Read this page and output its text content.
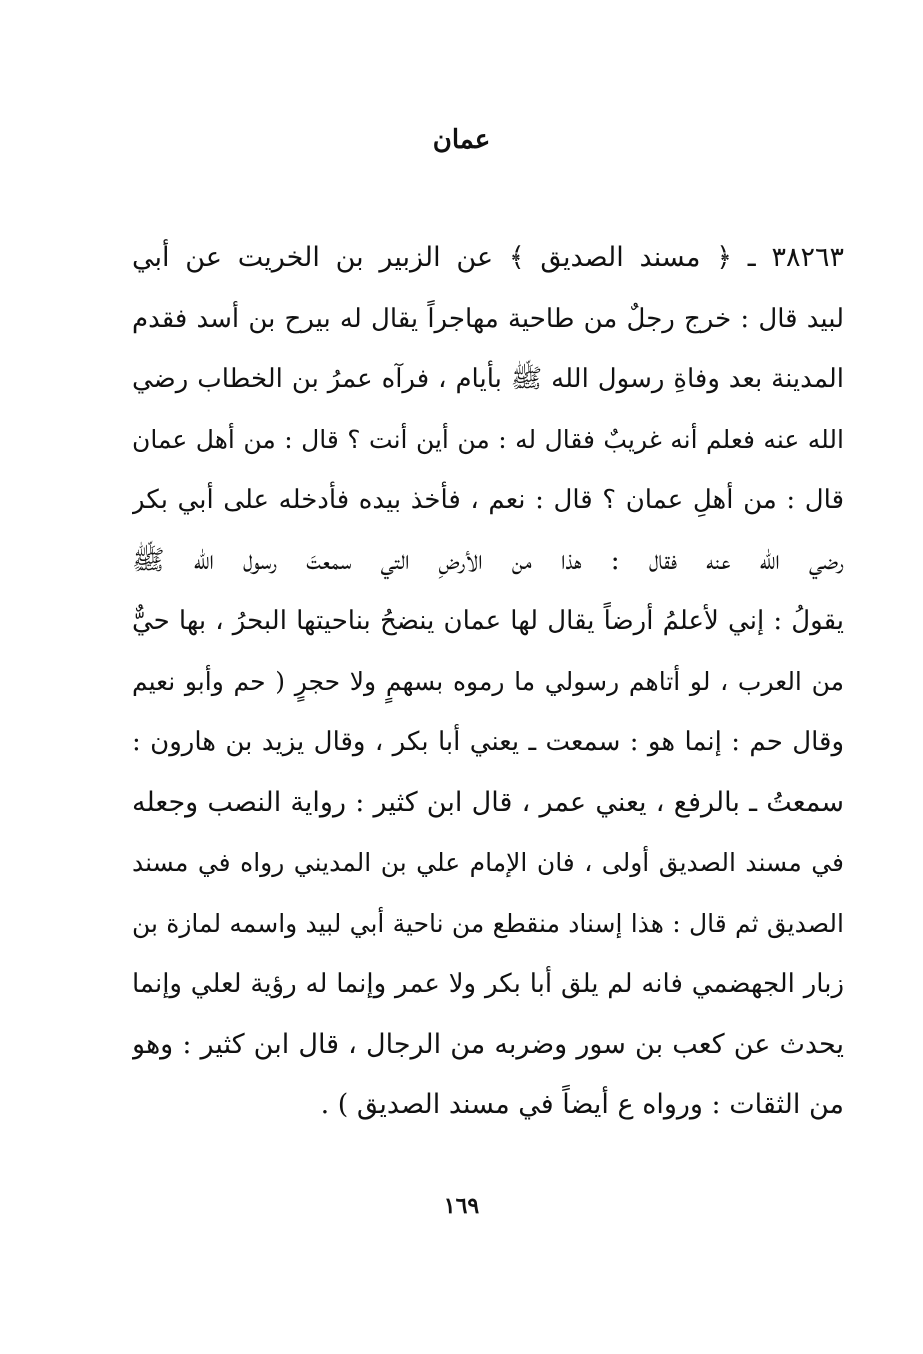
عمان
٣٨٢٦٣ ـ ﴿ مسند الصديق ﴾ عن الزبير بن الخريت عن أبي
لبيد قال : خرج رجلٌ من طاحية مهاجراً يقال له بيرح بن أسد فقدم
المدينة بعد وفاةِ رسول الله ﷺ بأيام ، فرآه عمرُ بن الخطاب رضي
الله عنه فعلم أنه غريبٌ فقال له : من أين أنت ؟ قال : من أهل عمان
قال : من أهلِ عمان ؟ قال : نعم ، فأخذ بيده فأدخله على أبي بكر
رضي الله عنه فقال : هذا من الأرضِ التي سمعتَ رسول الله ﷺ
يقولُ : إني لأعلمُ أرضاً يقال لها عمان ينضحُ بناحيتها البحرُ ، بها حيٌّ
من العرب ، لو أتاهم رسولي ما رموه بسهمٍ ولا حجرٍ ( حم وأبو نعيم
وقال حم : إنما هو : سمعت ـ يعني أبا بكر ، وقال يزيد بن هارون :
سمعتُ ـ بالرفع ، يعني عمر ، قال ابن كثير : رواية النصب وجعله
في مسند الصديق أولى ، فان الإمام علي بن المديني رواه في مسند
الصديق ثم قال : هذا إسناد منقطع من ناحية أبي لبيد واسمه لمازة بن
زبار الجهضمي فانه لم يلق أبا بكر ولا عمر وإنما له رؤية لعلي وإنما
يحدث عن كعب بن سور وضربه من الرجال ، قال ابن كثير : وهو
من الثقات : ورواه ع أيضاً في مسند الصديق ) .
١٦٩
